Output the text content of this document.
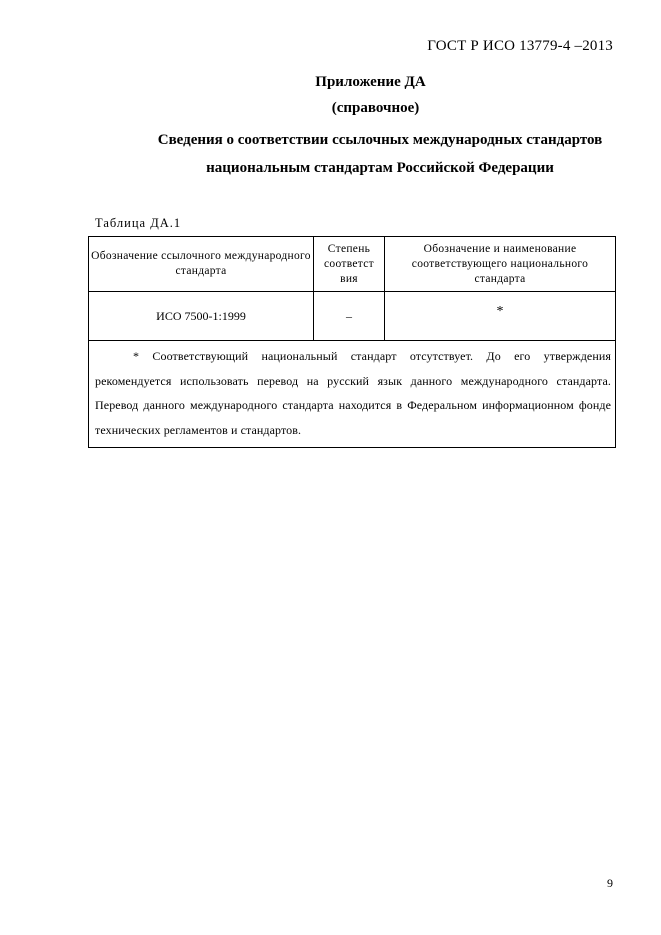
ГОСТ Р ИСО 13779-4 –2013
Приложение ДА
(справочное)
Сведения о соответствии ссылочных международных стандартов
национальным стандартам Российской Федерации
Таблица ДА.1
Обозначение ссылочного международного стандарта	Степень соответст вия	Обозначение и наименование соответствующего национального стандарта
ИСО 7500-1:1999	–	*
* Соответствующий национальный стандарт отсутствует. До его утверждения рекомендуется использовать перевод на русский язык данного международного стандарта. Перевод данного международного стандарта находится в Федеральном информационном фонде технических регламентов и стандартов.		
9
